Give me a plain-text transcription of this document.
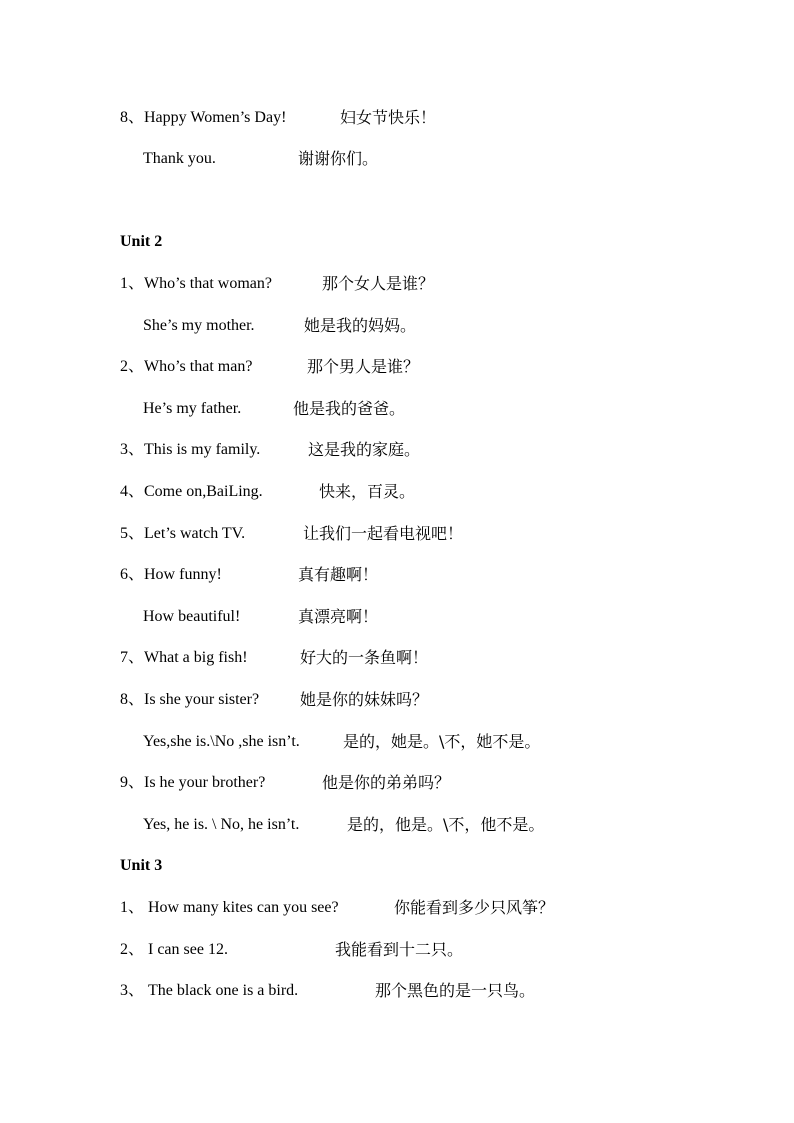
8、Happy Women’s Day!	妇女节快乐！
Thank you.	谢谢你们。
Unit 2
1、Who’s that woman?	那个女人是谁？
She’s my mother.	她是我的妈妈。
2、Who’s that man?	那个男人是谁？
He’s my father.	他是我的爸爸。
3、This is my family.	这是我的家庭。
4、Come on,BaiLing.	快来，百灵。
5、Let’s watch TV.	让我们一起看电视吧！
6、How funny!	真有趣啊！
How beautiful!	真漂亮啊！
7、What a big fish!	好大的一条鱼啊！
8、Is she your sister?	她是你的妹妹吗？
Yes,she is.\No ,she isn’t.	是的，她是。\不，她不是。
9、Is he your brother?	他是你的弟弟吗？
Yes, he is. \ No, he isn’t.	是的，他是。\不，他不是。
Unit 3
1、 How many kites can you see?	你能看到多少只风筝？
2、 I can see 12.	我能看到十二只。
3、 The black one is a bird.	那个黑色的是一只鸟。
